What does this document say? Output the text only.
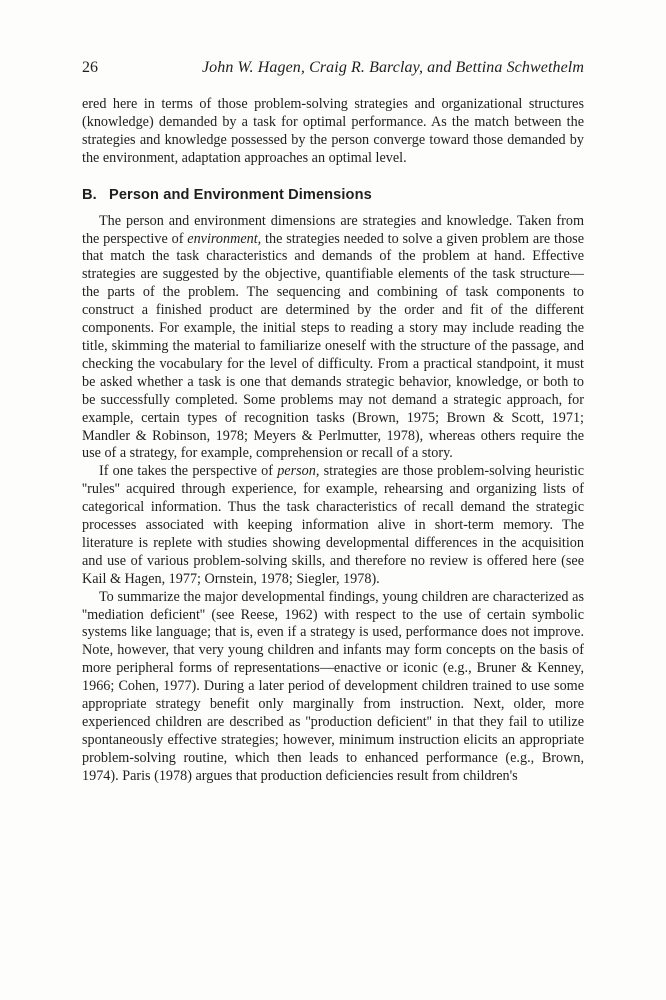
26	John W. Hagen, Craig R. Barclay, and Bettina Schwethelm

ered here in terms of those problem-solving strategies and organizational structures (knowledge) demanded by a task for optimal performance. As the match between the strategies and knowledge possessed by the person converge toward those demanded by the environment, adaptation approaches an optimal level.

B. Person and Environment Dimensions

The person and environment dimensions are strategies and knowledge. Taken from the perspective of environment, the strategies needed to solve a given problem are those that match the task characteristics and demands of the problem at hand. Effective strategies are suggested by the objective, quantifiable elements of the task structure—the parts of the problem. The sequencing and combining of task components to construct a finished product are determined by the order and fit of the different components. For example, the initial steps to reading a story may include reading the title, skimming the material to familiarize oneself with the structure of the passage, and checking the vocabulary for the level of difficulty. From a practical standpoint, it must be asked whether a task is one that demands strategic behavior, knowledge, or both to be successfully completed. Some problems may not demand a strategic approach, for example, certain types of recognition tasks (Brown, 1975; Brown & Scott, 1971; Mandler & Robinson, 1978; Meyers & Perlmutter, 1978), whereas others require the use of a strategy, for example, comprehension or recall of a story.

If one takes the perspective of person, strategies are those problem-solving heuristic ''rules'' acquired through experience, for example, rehearsing and organizing lists of categorical information. Thus the task characteristics of recall demand the strategic processes associated with keeping information alive in short-term memory. The literature is replete with studies showing developmental differences in the acquisition and use of various problem-solving skills, and therefore no review is offered here (see Kail & Hagen, 1977; Ornstein, 1978; Siegler, 1978).

To summarize the major developmental findings, young children are characterized as ''mediation deficient'' (see Reese, 1962) with respect to the use of certain symbolic systems like language; that is, even if a strategy is used, performance does not improve. Note, however, that very young children and infants may form concepts on the basis of more peripheral forms of representations—enactive or iconic (e.g., Bruner & Kenney, 1966; Cohen, 1977). During a later period of development children trained to use some appropriate strategy benefit only marginally from instruction. Next, older, more experienced children are described as ''production deficient'' in that they fail to utilize spontaneously effective strategies; however, minimum instruction elicits an appropriate problem-solving routine, which then leads to enhanced performance (e.g., Brown, 1974). Paris (1978) argues that production deficiencies result from children's
